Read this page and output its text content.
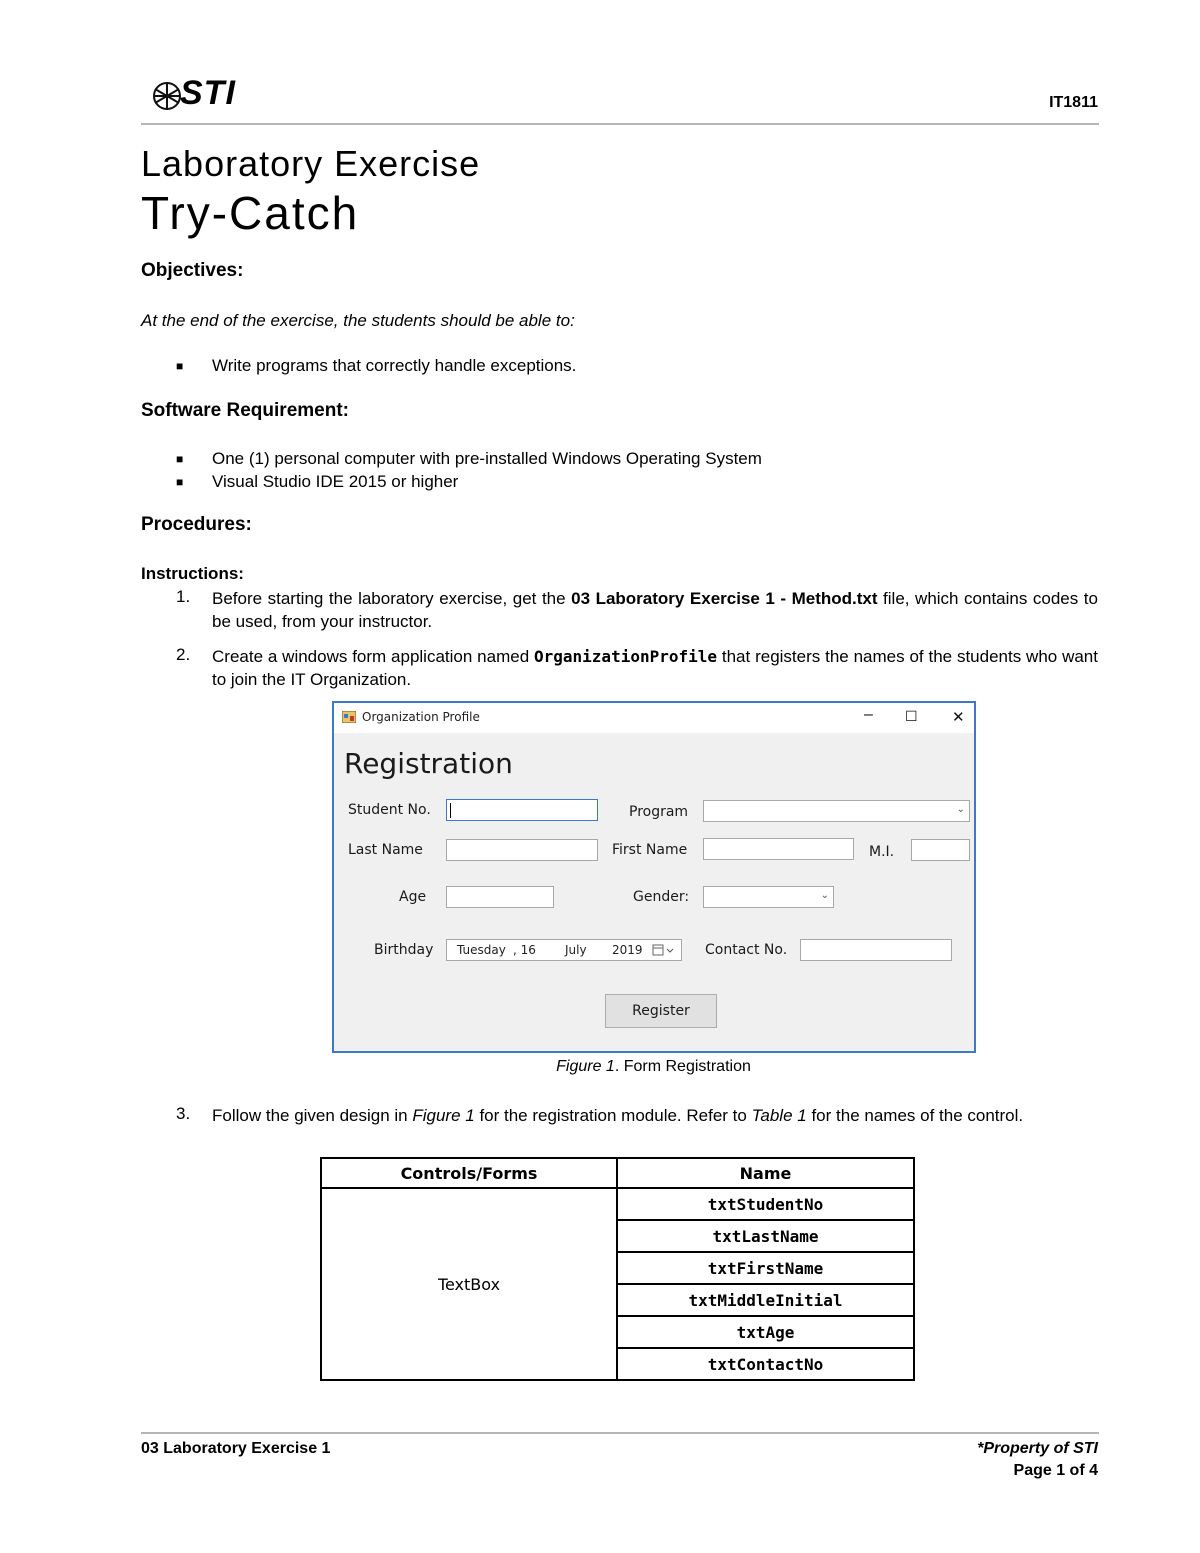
STI	IT1811
Laboratory Exercise
Try-Catch
Objectives:
At the end of the exercise, the students should be able to:
■ Write programs that correctly handle exceptions.
Software Requirement:
■ One (1) personal computer with pre-installed Windows Operating System
■ Visual Studio IDE 2015 or higher
Procedures:
Instructions:
1. Before starting the laboratory exercise, get the 03 Laboratory Exercise 1 - Method.txt file, which contains codes to be used, from your instructor.
2. Create a windows form application named OrganizationProfile that registers the names of the students who want to join the IT Organization.
Organization Profile	– ☐ ✕
Registration
Student No.	Program	⌄
Last Name	First Name	M.I.
Age	Gender:	⌄
Birthday Tuesday , 16 July 2019	Contact No.
Register
Figure 1. Form Registration
3. Follow the given design in Figure 1 for the registration module. Refer to Table 1 for the names of the control.
Controls/Forms	Name
TextBox	txtStudentNo
	txtLastName
	txtFirstName
	txtMiddleInitial
	txtAge
	txtContactNo
03 Laboratory Exercise 1	*Property of STI
Page 1 of 4
